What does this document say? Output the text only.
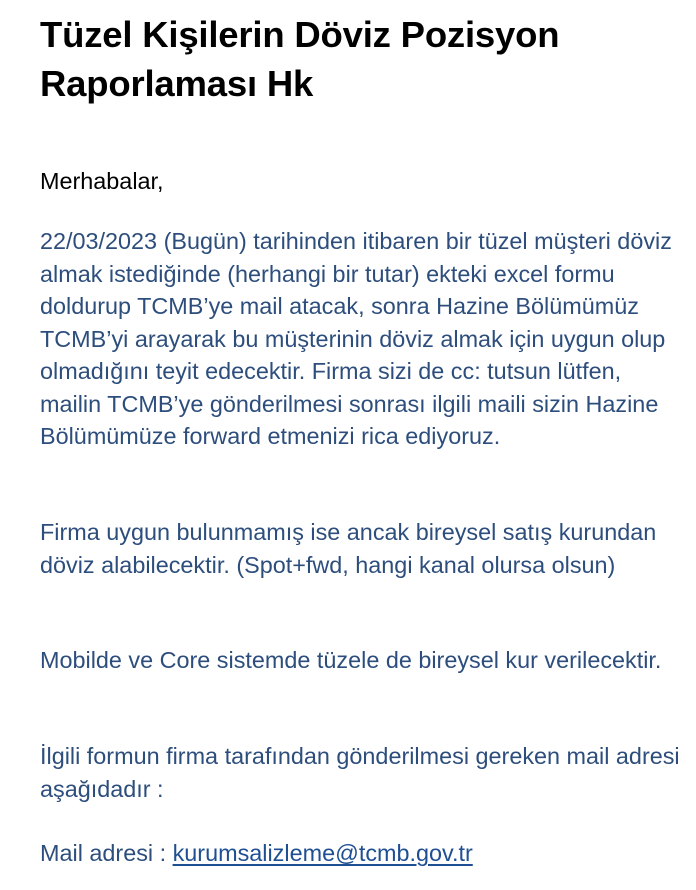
Tüzel Kişilerin Döviz Pozisyon Raporlaması Hk

Merhabalar,

22/03/2023 (Bugün) tarihinden itibaren bir tüzel müşteri döviz almak istediğinde (herhangi bir tutar) ekteki excel formu doldurup TCMB’ye mail atacak, sonra Hazine Bölümümüz TCMB’yi arayarak bu müşterinin döviz almak için uygun olup olmadığını teyit edecektir. Firma sizi de cc: tutsun lütfen, mailin TCMB’ye gönderilmesi sonrası ilgili maili sizin Hazine Bölümümüze forward etmenizi rica ediyoruz.

Firma uygun bulunmamış ise ancak bireysel satış kurundan döviz alabilecektir. (Spot+fwd, hangi kanal olursa olsun)

Mobilde ve Core sistemde tüzele de bireysel kur verilecektir.

İlgili formun firma tarafından gönderilmesi gereken mail adresi aşağıdadır :

Mail adresi : kurumsalizleme@tcmb.gov.tr
